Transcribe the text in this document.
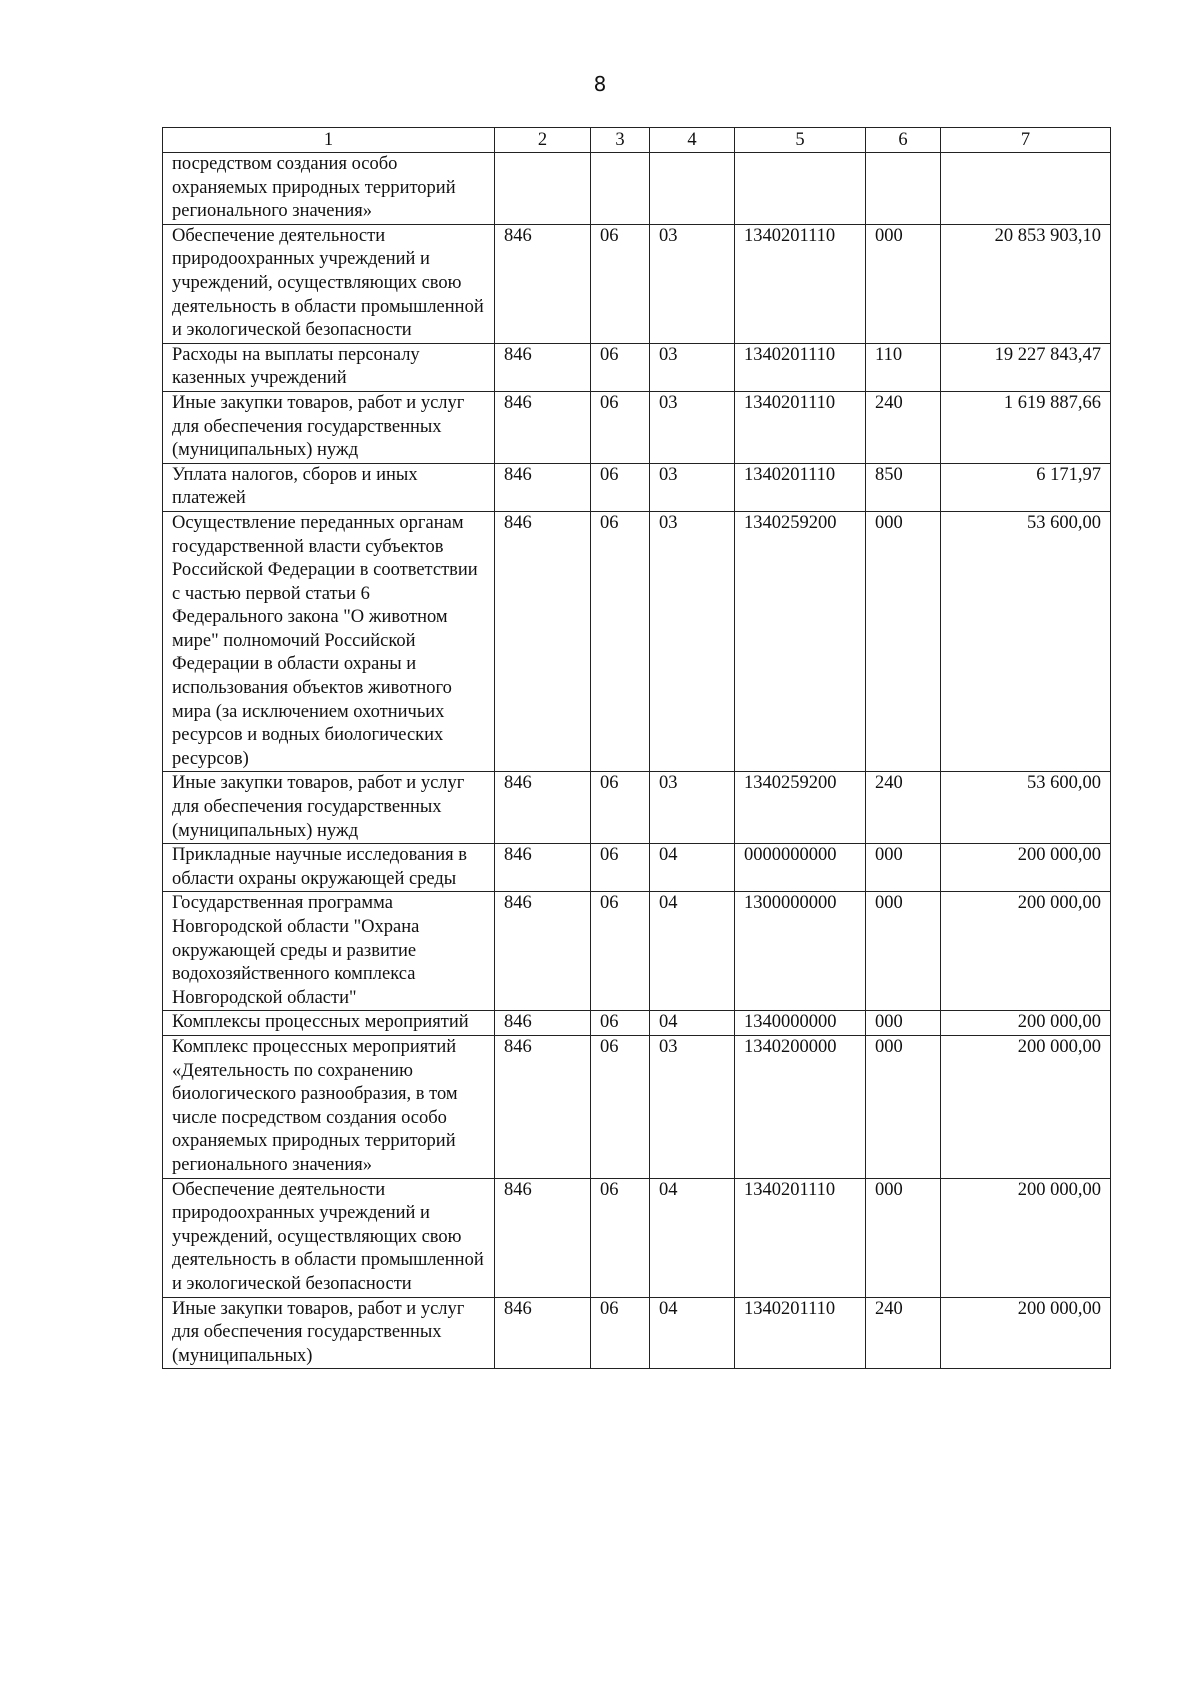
8
1	2	3	4	5	6	7
посредством создания особо охраняемых природных территорий регионального значения»						
Обеспечение деятельности природоохранных учреждений и учреждений, осуществляющих свою деятельность в области промышленной и экологической безопасности	846	06	03	1340201110	000	20 853 903,10
Расходы на выплаты персоналу казенных учреждений	846	06	03	1340201110	110	19 227 843,47
Иные закупки товаров, работ и услуг для обеспечения государственных (муниципальных) нужд	846	06	03	1340201110	240	1 619 887,66
Уплата налогов, сборов и иных платежей	846	06	03	1340201110	850	6 171,97
Осуществление переданных органам государственной власти субъектов Российской Федерации в соответствии с частью первой статьи 6 Федерального закона "О животном мире" полномочий Российской Федерации в области охраны и использования объектов животного мира (за исключением охотничьих ресурсов и водных биологических ресурсов)	846	06	03	1340259200	000	53 600,00
Иные закупки товаров, работ и услуг для обеспечения государственных (муниципальных) нужд	846	06	03	1340259200	240	53 600,00
Прикладные научные исследования в области охраны окружающей среды	846	06	04	0000000000	000	200 000,00
Государственная программа Новгородской области "Охрана окружающей среды и развитие водохозяйственного комплекса Новгородской области"	846	06	04	1300000000	000	200 000,00
Комплексы процессных мероприятий	846	06	04	1340000000	000	200 000,00
Комплекс процессных мероприятий «Деятельность по сохранению биологического разнообразия, в том числе посредством создания особо охраняемых природных территорий регионального значения»	846	06	03	1340200000	000	200 000,00
Обеспечение деятельности природоохранных учреждений и учреждений, осуществляющих свою деятельность в области промышленной и экологической безопасности	846	06	04	1340201110	000	200 000,00
Иные закупки товаров, работ и услуг для обеспечения государственных (муниципальных)	846	06	04	1340201110	240	200 000,00
